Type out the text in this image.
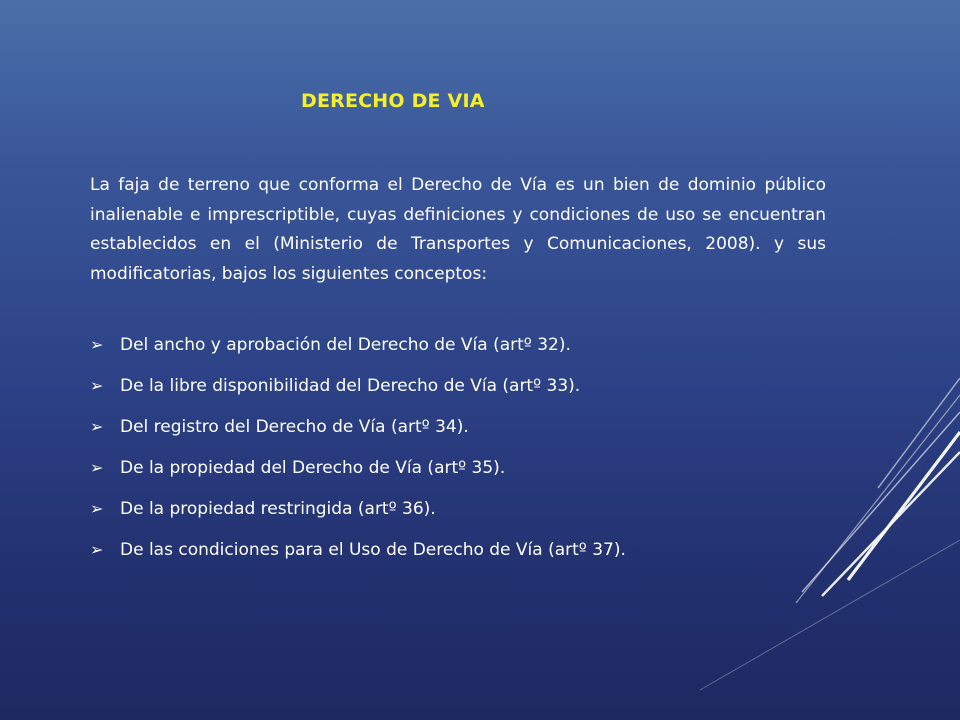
DERECHO DE VIA

La faja de terreno que conforma el Derecho de Vía es un bien de dominio público inalienable e imprescriptible, cuyas definiciones y condiciones de uso se encuentran establecidos en el (Ministerio de Transportes y Comunicaciones, 2008). y sus modificatorias, bajos los siguientes conceptos:

➢ Del ancho y aprobación del Derecho de Vía (artº 32).
➢ De la libre disponibilidad del Derecho de Vía (artº 33).
➢ Del registro del Derecho de Vía (artº 34).
➢ De la propiedad del Derecho de Vía (artº 35).
➢ De la propiedad restringida (artº 36).
➢ De las condiciones para el Uso de Derecho de Vía (artº 37).
